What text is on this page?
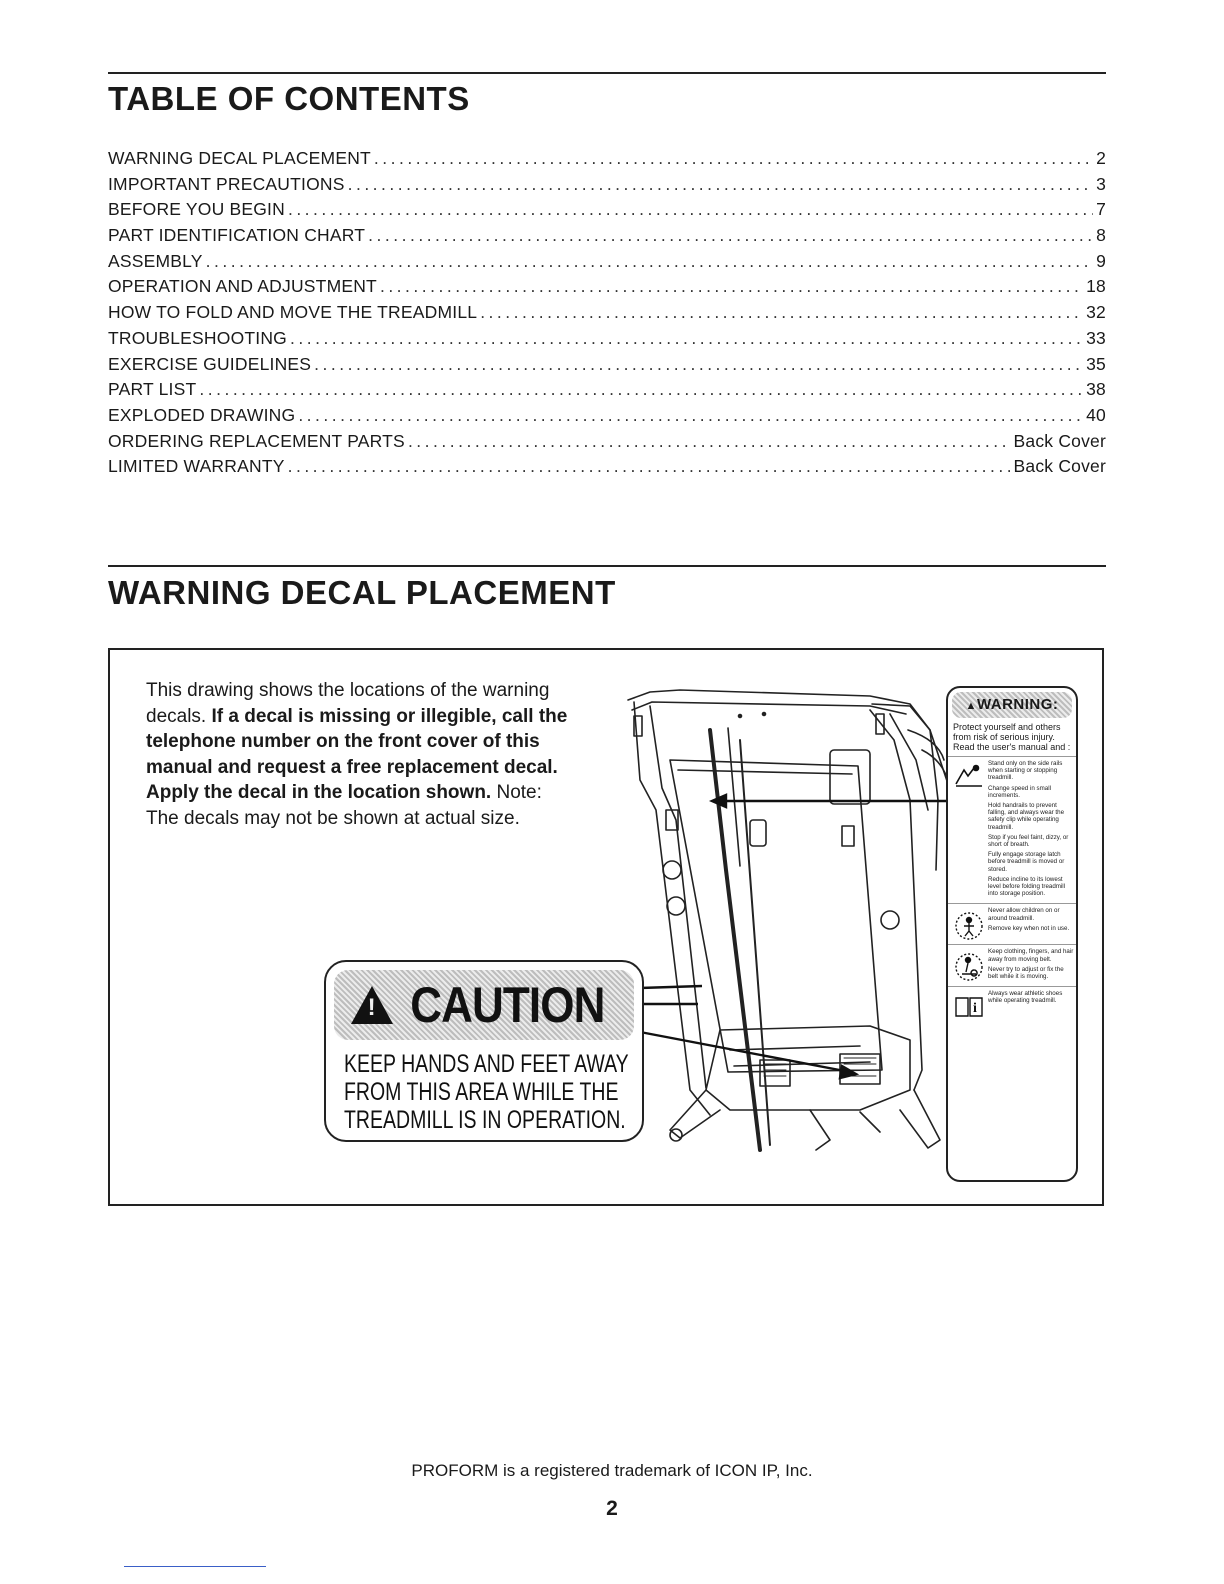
TABLE OF CONTENTS
WARNING DECAL PLACEMENT .....	2
IMPORTANT PRECAUTIONS .....	3
BEFORE YOU BEGIN .....	7
PART IDENTIFICATION CHART .....	8
ASSEMBLY .....	9
OPERATION AND ADJUSTMENT .....	18
HOW TO FOLD AND MOVE THE TREADMILL .....	32
TROUBLESHOOTING .....	33
EXERCISE GUIDELINES .....	35
PART LIST .....	38
EXPLODED DRAWING .....	40
ORDERING REPLACEMENT PARTS .....	Back Cover
LIMITED WARRANTY .....	Back Cover
WARNING DECAL PLACEMENT
This drawing shows the locations of the warning decals. If a decal is missing or illegible, call the telephone number on the front cover of this manual and request a free replacement decal. Apply the decal in the location shown. Note: The decals may not be shown at actual size.
!
CAUTION
KEEP HANDS AND FEET AWAY
FROM THIS AREA WHILE THE
TREADMILL IS IN OPERATION.
▲WARNING:
Protect yourself and others from risk of serious injury. Read the user's manual and :

Stand only on the side rails when starting or stopping treadmill.

Change speed in small increments.

Hold handrails to prevent falling, and always wear the safety clip while operating treadmill.

Stop if you feel faint, dizzy, or short of breath.

Fully engage storage latch before treadmill is moved or stored.

Reduce incline to its lowest level before folding treadmill into storage position.

Never allow children on or around treadmill.

Remove key when not in use.

Keep clothing, fingers, and hair away from moving belt.

Never try to adjust or fix the belt while it is moving.

i

Always wear athletic shoes while operating treadmill.

PROFORM is a registered trademark of ICON IP, Inc.
2
